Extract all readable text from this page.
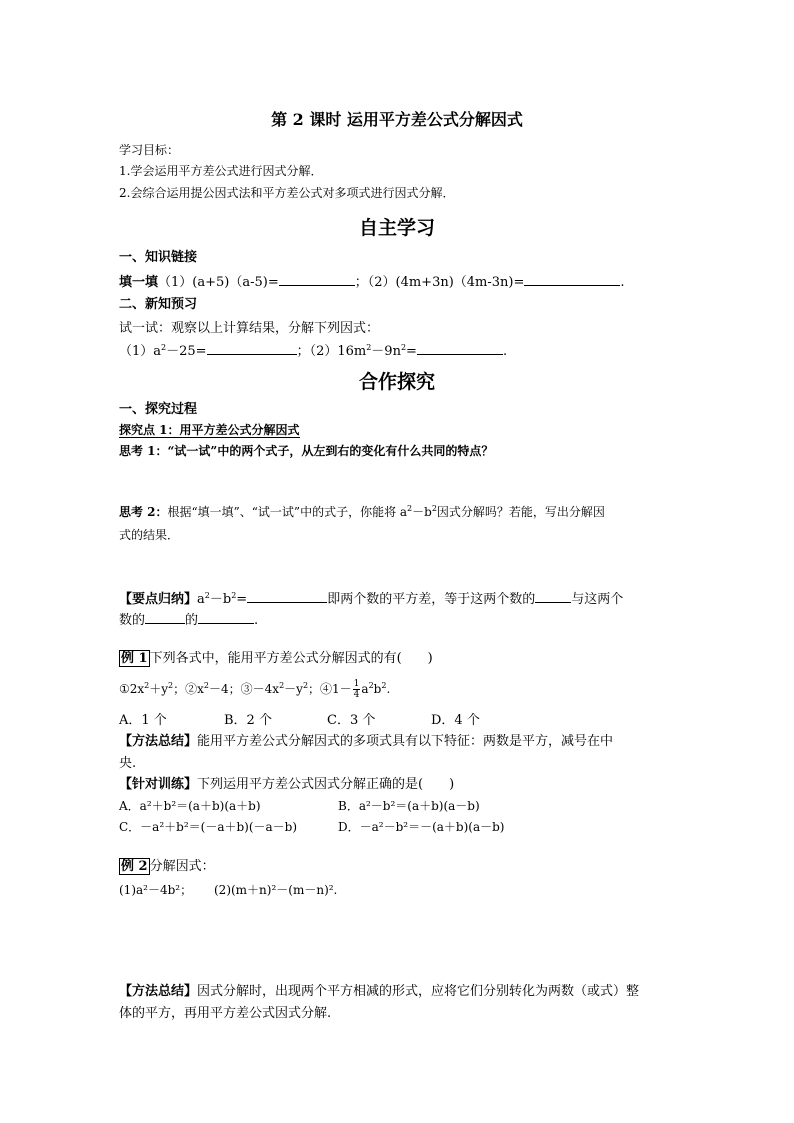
第 2 课时 运用平方差公式分解因式
学习目标：
1.学会运用平方差公式进行因式分解．
2.会综合运用提公因式法和平方差公式对多项式进行因式分解．
自主学习
一、知识链接
填一填（1）(a+5)（a-5)=	；（2）(4m+3n)（4m-3n)=	.
二、新知预习
试一试：观察以上计算结果，分解下列因式：
$(1)a^2-25=$	；$(2)16m^2-9n^2=$	.
合作探究
一、探究过程
探究点 1：用平方差公式分解因式
思考 1：“试一试”中的两个式子，从左到右的变化有什么共同的特点？
思考 2：根据“填一填”、“试一试”中的式子，你能将 $a^2-b^2$因式分解吗？若能，写出分解因
式的结果．
【要点归纳】$a^2-b^2=$	即两个数的平方差，等于这两个数的	与这两个
数的	的	.
例 1 下列各式中，能用平方差公式分解因式的有(　　)
$①2x^2+y^2$；$②x^2-4$；$③-4x^2-y^2$；④1－ $\frac{1}{4} a^2b^2$.
A．1 个	B．2 个	C．3 个	D．4 个
【方法总结】能用平方差公式分解因式的多项式具有以下特征：两数是平方，减号在中
央.
【针对训练】下列运用平方差公式因式分解正确的是(　　)
A．a²＋b²＝(a＋b)(a＋b)	B．a²－b²＝(a＋b)(a－b)
C．－a²＋b²＝(－a＋b)(－a－b)	D．－a²－b²＝－(a＋b)(a－b)
例 2 分解因式：
(1)a²－4b²； (2)(m＋n)²－(m－n)².
【方法总结】因式分解时，出现两个平方相减的形式，应将它们分别转化为两数（或式）整
体的平方，再用平方差公式因式分解.
